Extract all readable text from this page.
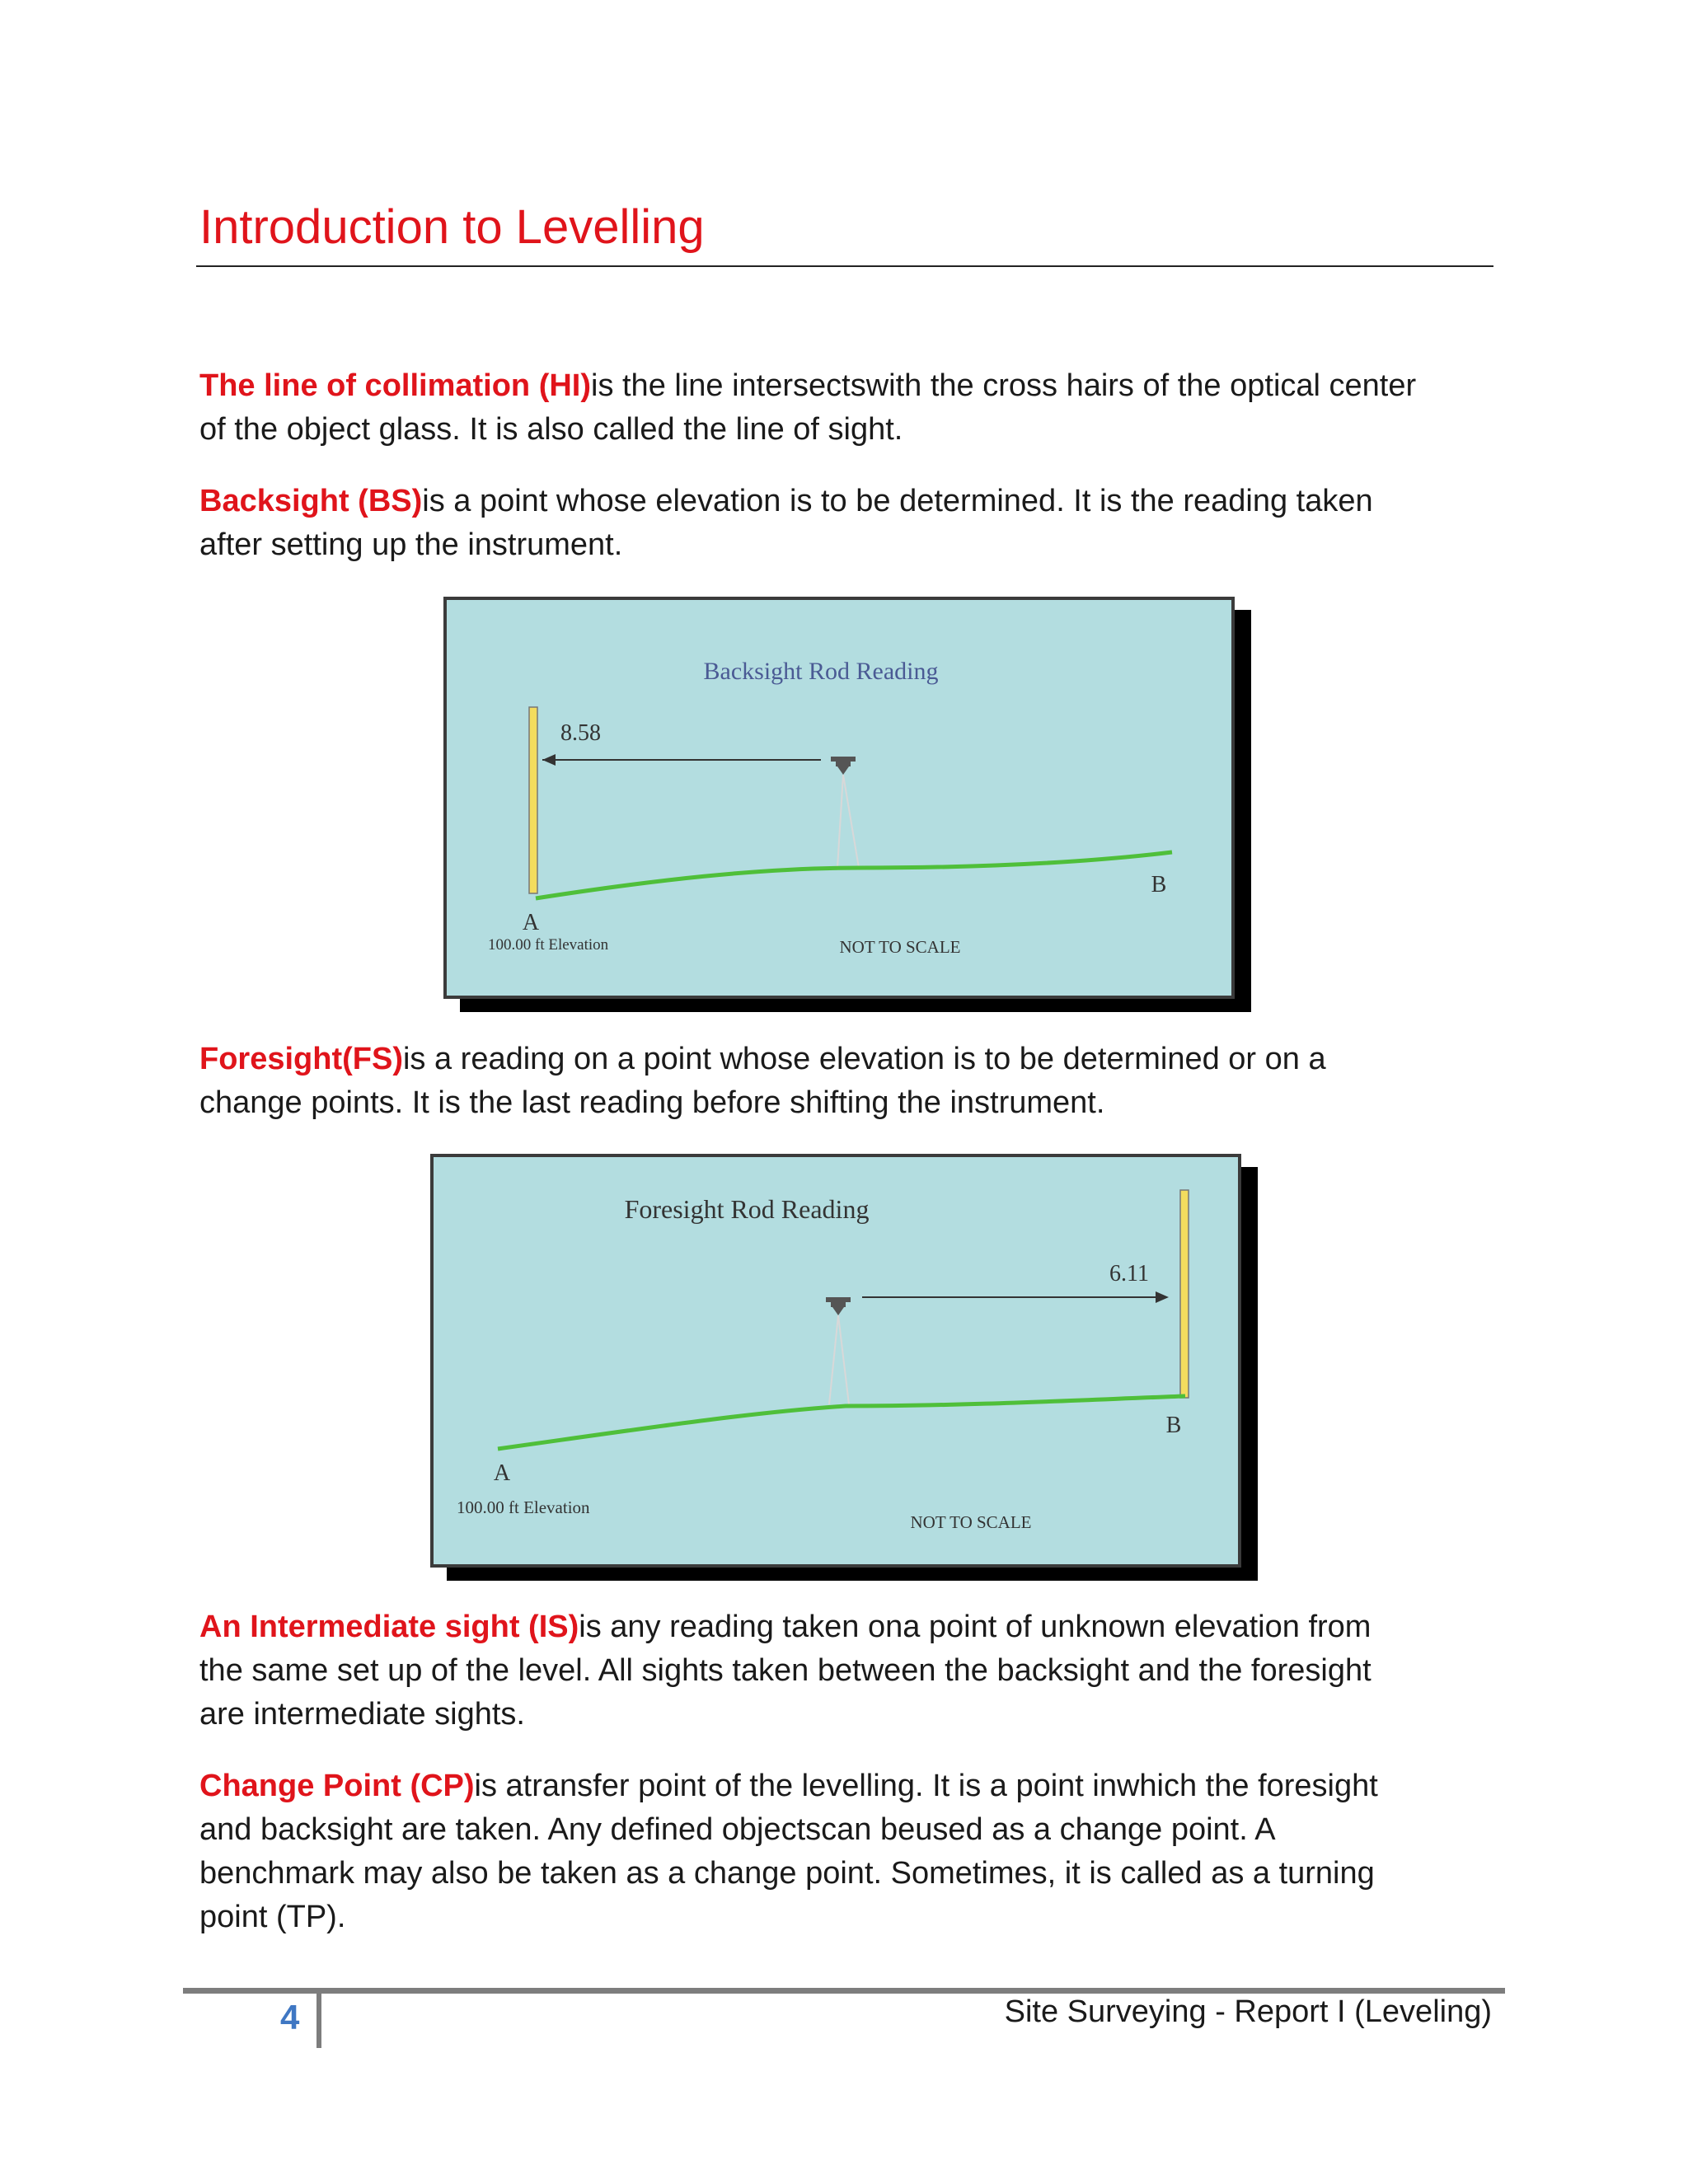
Introduction to Levelling
The line of collimation (HI)is the line intersectswith the cross hairs of the optical center
of the object glass. It is also called the line of sight.
Backsight (BS)is a point whose elevation is to be determined. It is the reading taken
after setting up the instrument.
Backsight Rod Reading
8.58
A
B
100.00 ft Elevation	NOT TO SCALE
Foresight(FS)is a reading on a point whose elevation is to be determined or on a
change points. It is the last reading before shifting the instrument.
Foresight Rod Reading
6.11
A
B
100.00 ft Elevation
NOT TO SCALE
An Intermediate sight (IS)is any reading taken ona point of unknown elevation from
the same set up of the level. All sights taken between the backsight and the foresight
are intermediate sights.
Change Point (CP)is atransfer point of the levelling. It is a point inwhich the foresight
and backsight are taken. Any defined objectscan beused as a change point. A
benchmark may also be taken as a change point. Sometimes, it is called as a turning
point (TP).
4	Site Surveying - Report I (Leveling)
